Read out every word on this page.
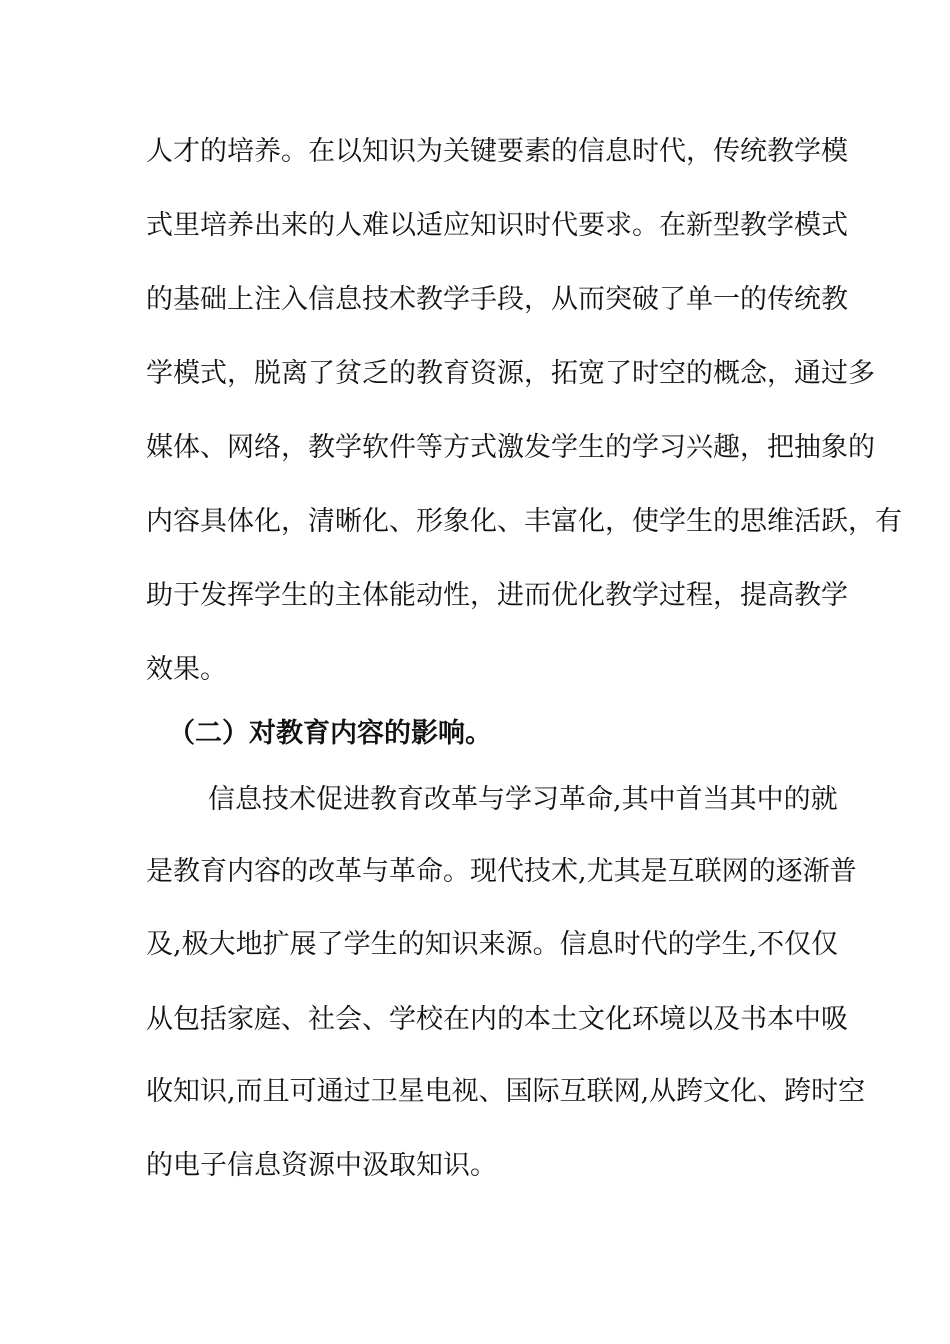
人才的培养。在以知识为关键要素的信息时代，传统教学模
式里培养出来的人难以适应知识时代要求。在新型教学模式
的基础上注入信息技术教学手段，从而突破了单一的传统教
学模式，脱离了贫乏的教育资源，拓宽了时空的概念，通过多
媒体、网络，教学软件等方式激发学生的学习兴趣，把抽象的
内容具体化，清晰化、形象化、丰富化，使学生的思维活跃，有
助于发挥学生的主体能动性，进而优化教学过程，提高教学
效果。
（二）对教育内容的影响。
信息技术促进教育改革与学习革命,其中首当其中的就
是教育内容的改革与革命。现代技术,尤其是互联网的逐渐普
及,极大地扩展了学生的知识来源。信息时代的学生,不仅仅
从包括家庭、社会、学校在内的本土文化环境以及书本中吸
收知识,而且可通过卫星电视、国际互联网,从跨文化、跨时空
的电子信息资源中汲取知识。
